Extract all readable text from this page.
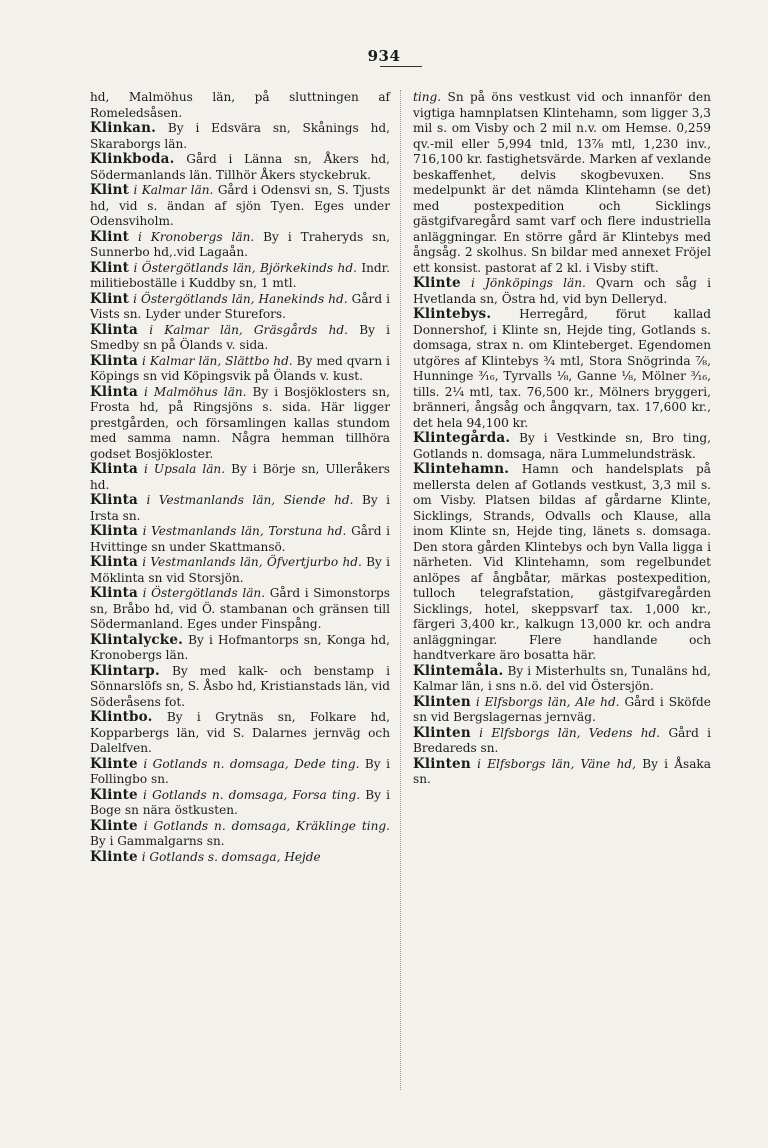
934

hd, Malmöhus län, på sluttningen af Romeledsåsen.

Klinkan. By i Edsvära sn, Skånings hd, Skaraborgs län.

Klinkboda. Gård i Länna sn, Åkers hd, Södermanlands län. Tillhör Åkers styckebruk.

Klint i Kalmar län. Gård i Odensvi sn, S. Tjusts hd, vid s. ändan af sjön Tyen. Eges under Odensviholm.

Klint i Kronobergs län. By i Traheryds sn, Sunnerbo hd,.vid Lagaån.

Klint i Östergötlands län, Björkekinds hd. Indr. militieboställe i Kuddby sn, 1 mtl.

Klint i Östergötlands län, Hanekinds hd. Gård i Vists sn. Lyder under Sturefors.

Klinta i Kalmar län, Gräsgårds hd. By i Smedby sn på Ölands v. sida.

Klinta i Kalmar län, Slättbo hd. By med qvarn i Köpings sn vid Köpingsvik på Ölands v. kust.

Klinta i Malmöhus län. By i Bosjöklosters sn, Frosta hd, på Ringsjöns s. sida. Här ligger prestgården, och församlingen kallas stundom med samma namn. Några hemman tillhöra godset Bosjökloster.

Klinta i Upsala län. By i Börje sn, Ulleråkers hd.

Klinta i Vestmanlands län, Siende hd. By i Irsta sn.

Klinta i Vestmanlands län, Torstuna hd. Gård i Hvittinge sn under Skattmansö.

Klinta i Vestmanlands län, Öfvertjurbo hd. By i Möklinta sn vid Storsjön.

Klinta i Östergötlands län. Gård i Simonstorps sn, Bråbo hd, vid Ö. stambanan och gränsen till Södermanland. Eges under Finspång.

Klintalycke. By i Hofmantorps sn, Konga hd, Kronobergs län.

Klintarp. By med kalk- och benstamp i Sönnarslöfs sn, S. Åsbo hd, Kristianstads län, vid Söderåsens fot.

Klintbo. By i Grytnäs sn, Folkare hd, Kopparbergs län, vid S. Dalarnes jernväg och Dalelfven.

Klinte i Gotlands n. domsaga, Dede ting. By i Follingbo sn.

Klinte i Gotlands n. domsaga, Forsa ting. By i Boge sn nära östkusten.

Klinte i Gotlands n. domsaga, Kräklinge ting. By i Gammalgarns sn.

Klinte i Gotlands s. domsaga, Hejde

ting. Sn på öns vestkust vid och innanför den vigtiga hamnplatsen Klintehamn, som ligger 3,3 mil s. om Visby och 2 mil n.v. om Hemse. 0,259 qv.-mil eller 5,994 tnld, 13⅞ mtl, 1,230 inv., 716,100 kr. fastighetsvärde. Marken af vexlande beskaffenhet, delvis skogbevuxen. Sns medelpunkt är det nämda Klintehamn (se det) med postexpedition och Sicklings gästgifvaregård samt varf och flere industriella anläggningar. En större gård är Klintebys med ångsåg. 2 skolhus. Sn bildar med annexet Fröjel ett konsist. pastorat af 2 kl. i Visby stift.

Klinte i Jönköpings län. Qvarn och såg i Hvetlanda sn, Östra hd, vid byn Delleryd.

Klintebys. Herregård, förut kallad Donnershof, i Klinte sn, Hejde ting, Gotlands s. domsaga, strax n. om Klinteberget. Egendomen utgöres af Klintebys ¾ mtl, Stora Snögrinda ⅞, Hunninge ³⁄₁₆, Tyrvalls ⅛, Ganne ⅛, Mölner ³⁄₁₆, tills. 2¼ mtl, tax. 76,500 kr., Mölners bryggeri, bränneri, ångsåg och ångqvarn, tax. 17,600 kr., det hela 94,100 kr.

Klintegårda. By i Vestkinde sn, Bro ting, Gotlands n. domsaga, nära Lummelundsträsk.

Klintehamn. Hamn och handelsplats på mellersta delen af Gotlands vestkust, 3,3 mil s. om Visby. Platsen bildas af gårdarne Klinte, Sicklings, Strands, Odvalls och Klause, alla inom Klinte sn, Hejde ting, länets s. domsaga. Den stora gården Klintebys och byn Valla ligga i närheten. Vid Klintehamn, som regelbundet anlöpes af ångbåtar, märkas postexpedition, tulloch telegrafstation, gästgifvaregården Sicklings, hotel, skeppsvarf tax. 1,000 kr., färgeri 3,400 kr., kalkugn 13,000 kr. och andra anläggningar. Flere handlande och handtverkare äro bosatta här.

Klintemåla. By i Misterhults sn, Tunaläns hd, Kalmar län, i sns n.ö. del vid Östersjön.

Klinten i Elfsborgs län, Ale hd. Gård i Sköfde sn vid Bergslagernas jernväg.

Klinten i Elfsborgs län, Vedens hd. Gård i Bredareds sn.

Klinten i Elfsborgs län, Väne hd, By i Åsaka sn.
